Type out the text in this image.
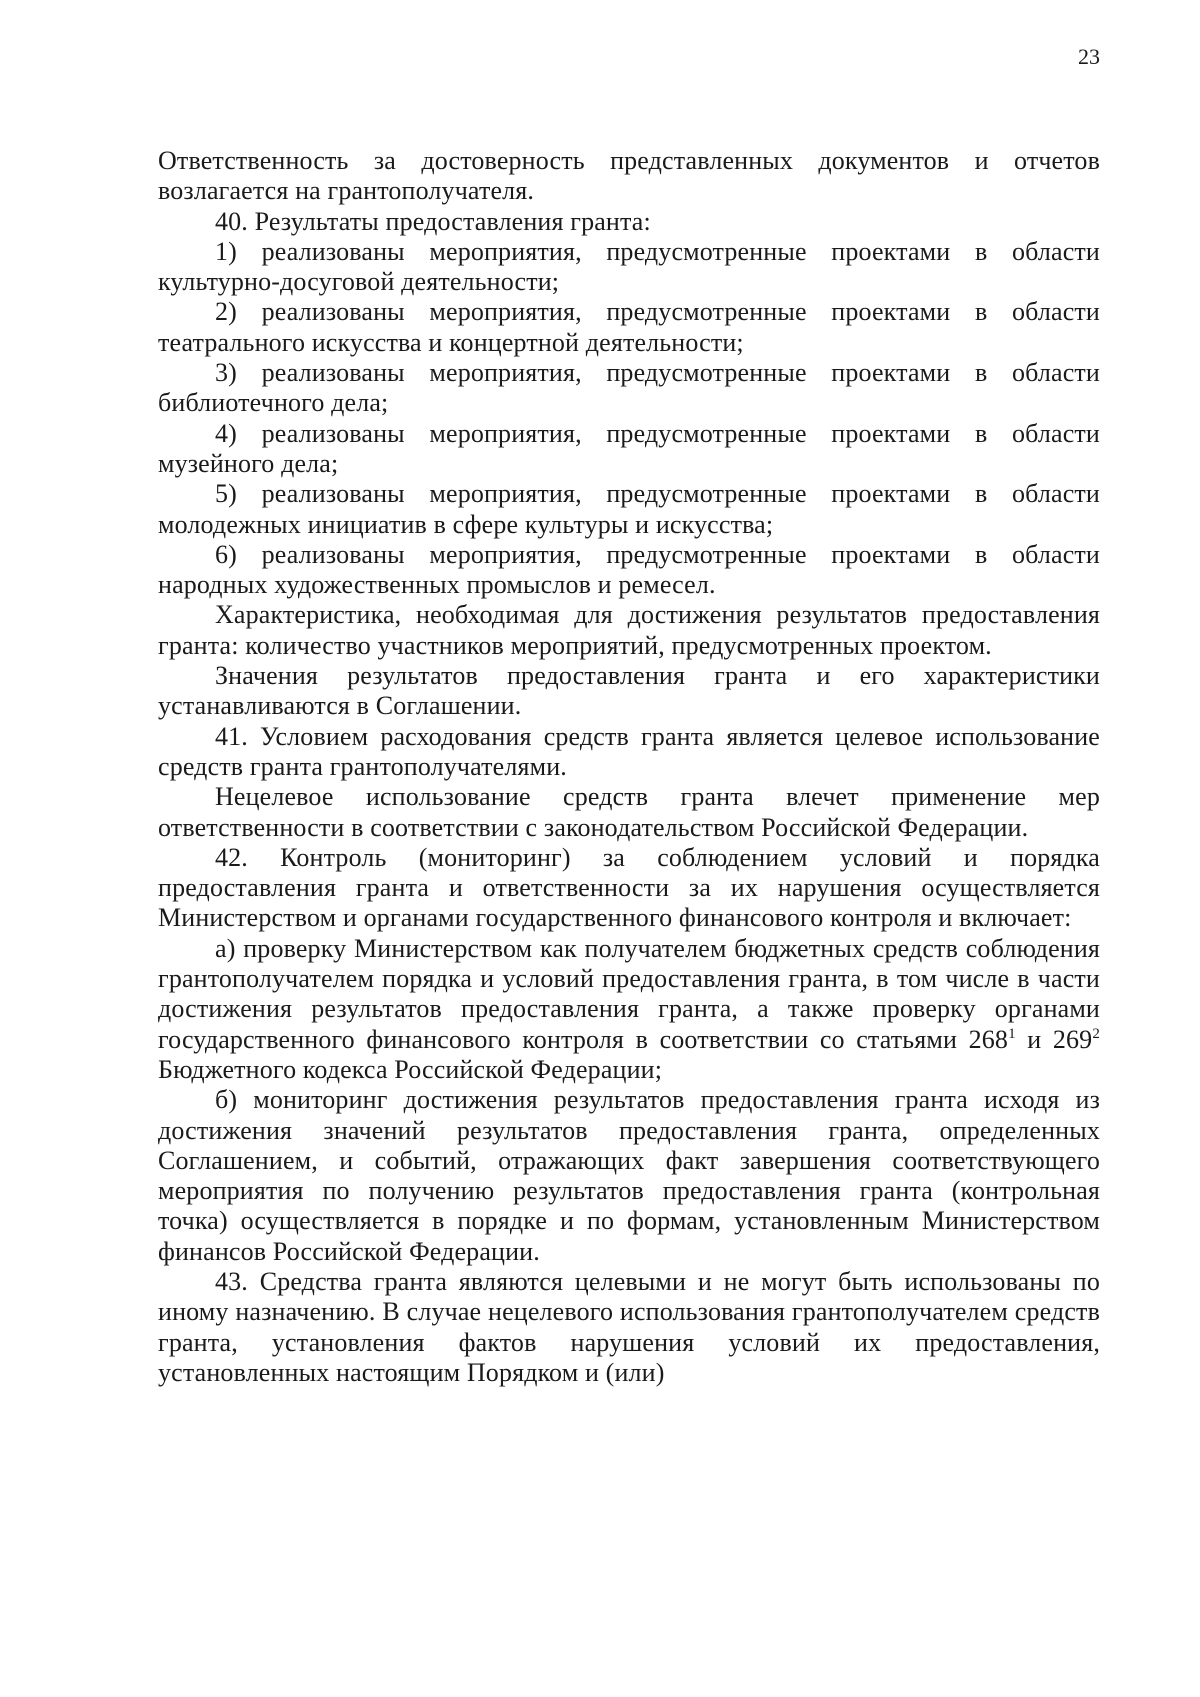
23

Ответственность за достоверность представленных документов и отчетов возлагается на грантополучателя.

40. Результаты предоставления гранта:

1) реализованы мероприятия, предусмотренные проектами в области культурно-досуговой деятельности;

2) реализованы мероприятия, предусмотренные проектами в области театрального искусства и концертной деятельности;

3) реализованы мероприятия, предусмотренные проектами в области библиотечного дела;

4) реализованы мероприятия, предусмотренные проектами в области музейного дела;

5) реализованы мероприятия, предусмотренные проектами в области молодежных инициатив в сфере культуры и искусства;

6) реализованы мероприятия, предусмотренные проектами в области народных художественных промыслов и ремесел.

Характеристика, необходимая для достижения результатов предоставления гранта: количество участников мероприятий, предусмотренных проектом.

Значения результатов предоставления гранта и его характеристики устанавливаются в Соглашении.

41. Условием расходования средств гранта является целевое использование средств гранта грантополучателями.

Нецелевое использование средств гранта влечет применение мер ответственности в соответствии с законодательством Российской Федерации.

42. Контроль (мониторинг) за соблюдением условий и порядка предоставления гранта и ответственности за их нарушения осуществляется Министерством и органами государственного финансового контроля и включает:

а) проверку Министерством как получателем бюджетных средств соблюдения грантополучателем порядка и условий предоставления гранта, в том числе в части достижения результатов предоставления гранта, а также проверку органами государственного финансового контроля в соответствии со статьями $268^1$ и $269^2$ Бюджетного кодекса Российской Федерации;

б) мониторинг достижения результатов предоставления гранта исходя из достижения значений результатов предоставления гранта, определенных Соглашением, и событий, отражающих факт завершения соответствующего мероприятия по получению результатов предоставления гранта (контрольная точка) осуществляется в порядке и по формам, установленным Министерством финансов Российской Федерации.

43. Средства гранта являются целевыми и не могут быть использованы по иному назначению. В случае нецелевого использования грантополучателем средств гранта, установления фактов нарушения условий их предоставления, установленных настоящим Порядком и (или)
